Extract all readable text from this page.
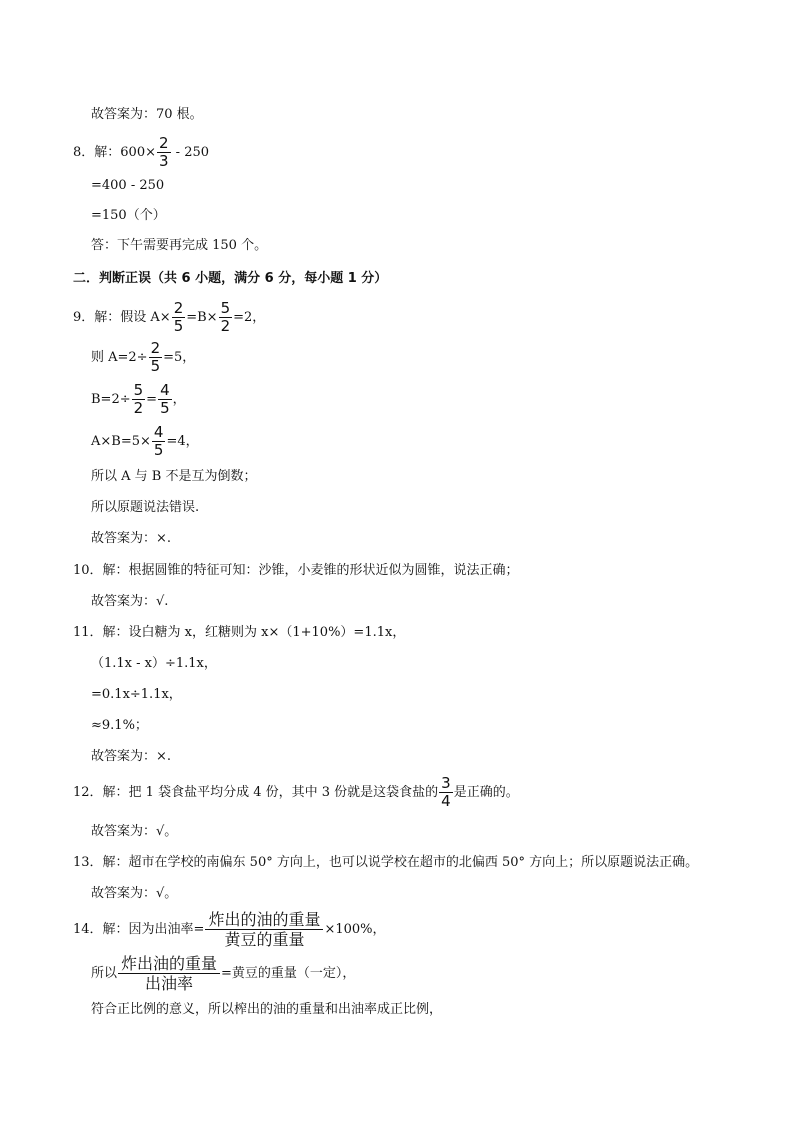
故答案为：70 根。
8．解：$600\times \frac{2}{3} - 250$
=400 - 250
=150（个）
答：下午需要再完成 150 个。
二．判断正误（共 6 小题，满分 6 分，每小题 1 分）
9．解：假设 $A\times \frac{2}{5} =B\times \frac{5}{2} =2$，
则 $A=2\div \frac{2}{5} =5$，
$B=2\div \frac{5}{2} = \frac{4}{5}$ ，
$A\times B=5\times \frac{4}{5} =4$，
所以 A 与 B 不是互为倒数；
所以原题说法错误.
故答案为：×.
10．解：根据圆锥的特征可知：沙锥，小麦锥的形状近似为圆锥，说法正确；
故答案为：√.
11．解：设白糖为 x，红糖则为 x×（1+10%）=1.1x，
（1.1x - x）÷1.1x，
=0.1x÷1.1x，
≈9.1%；
故答案为：×.
12．解：把 1 袋食盐平均分成 4 份，其中 3 份就是这袋食盐的 $\frac{3}{4}$ 是正确的。
故答案为：√。
13．解：超市在学校的南偏东 50° 方向上，也可以说学校在超市的北偏西 50° 方向上；所以原题说法正确。
故答案为：√。
14．解：因为出油率= $\frac{\text{炸出的油的重量}}{\text{黄豆的重量}} \times 100\%$，
所以 $\frac{\text{炸出油的重量}}{\text{出油率}}$ =黄豆的重量（一定），
符合正比例的意义，所以榨出的油的重量和出油率成正比例，
